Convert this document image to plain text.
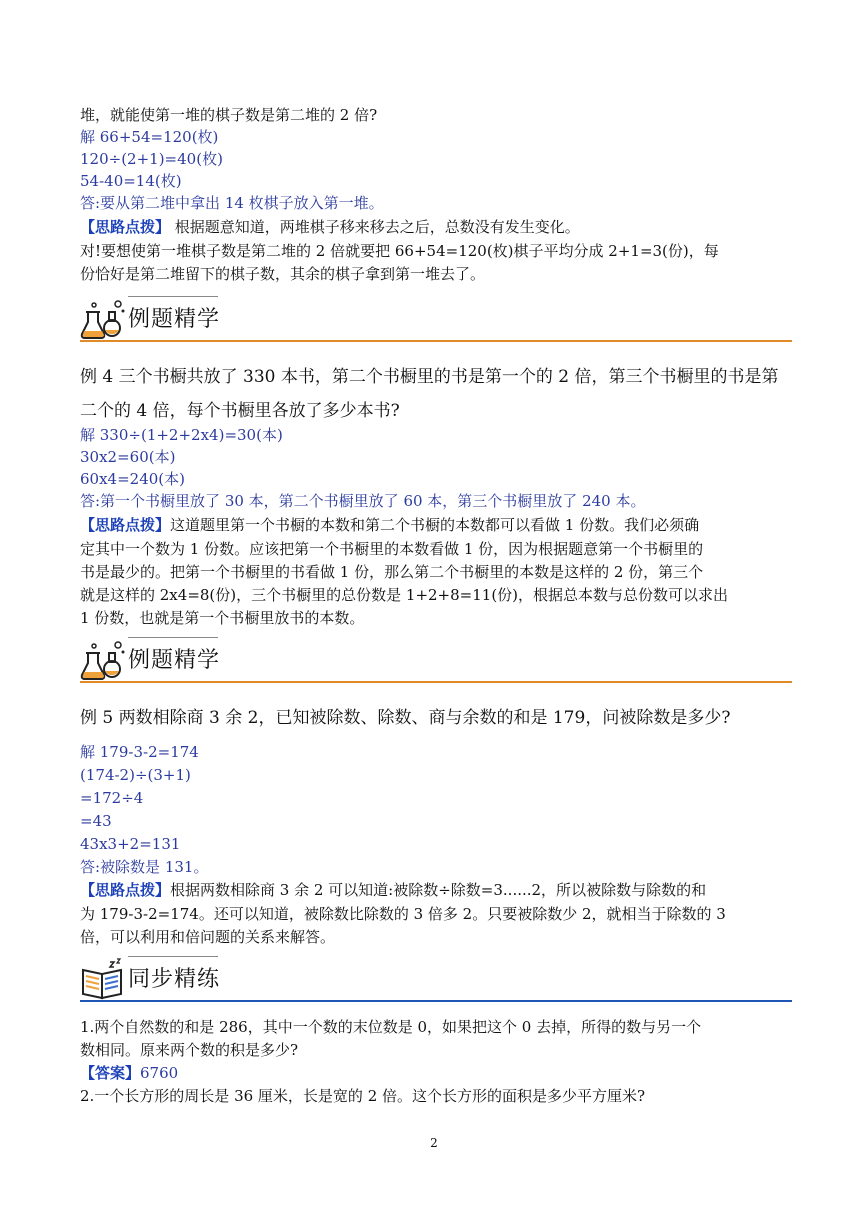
堆，就能使第一堆的棋子数是第二堆的 2 倍?
解 66+54=120(枚)
120÷(2+1)=40(枚)
54-40=14(枚)
答:要从第二堆中拿出 14 枚棋子放入第一堆。
【思路点拨】 根据题意知道，两堆棋子移来移去之后，总数没有发生变化。
对!要想使第一堆棋子数是第二堆的 2 倍就要把 66+54=120(枚)棋子平均分成 2+1=3(份)，每
份恰好是第二堆留下的棋子数，其余的棋子拿到第一堆去了。
例题精学
例 4 三个书橱共放了 330 本书，第二个书橱里的书是第一个的 2 倍，第三个书橱里的书是第
二个的 4 倍，每个书橱里各放了多少本书?
解 330÷(1+2+2x4)=30(本)
30x2=60(本)
60x4=240(本)
答:第一个书橱里放了 30 本，第二个书橱里放了 60 本，第三个书橱里放了 240 本。
【思路点拨】这道题里第一个书橱的本数和第二个书橱的本数都可以看做 1 份数。我们必须确
定其中一个数为 1 份数。应该把第一个书橱里的本数看做 1 份，因为根据题意第一个书橱里的
书是最少的。把第一个书橱里的书看做 1 份，那么第二个书橱里的本数是这样的 2 份，第三个
就是这样的 2x4=8(份)，三个书橱里的总份数是 1+2+8=11(份)，根据总本数与总份数可以求出
1 份数，也就是第一个书橱里放书的本数。
例题精学
例 5 两数相除商 3 余 2，已知被除数、除数、商与余数的和是 179，问被除数是多少?
解 179-3-2=174
(174-2)÷(3+1)
=172÷4
=43
43x3+2=131
答:被除数是 131。
【思路点拨】根据两数相除商 3 余 2 可以知道:被除数÷除数=3......2，所以被除数与除数的和
为 179-3-2=174。还可以知道，被除数比除数的 3 倍多 2。只要被除数少 2，就相当于除数的 3
倍，可以利用和倍问题的关系来解答。
同步精练
1.两个自然数的和是 286，其中一个数的末位数是 0，如果把这个 0 去掉，所得的数与另一个
数相同。原来两个数的积是多少?
【答案】6760
2.一个长方形的周长是 36 厘米，长是宽的 2 倍。这个长方形的面积是多少平方厘米?
2
